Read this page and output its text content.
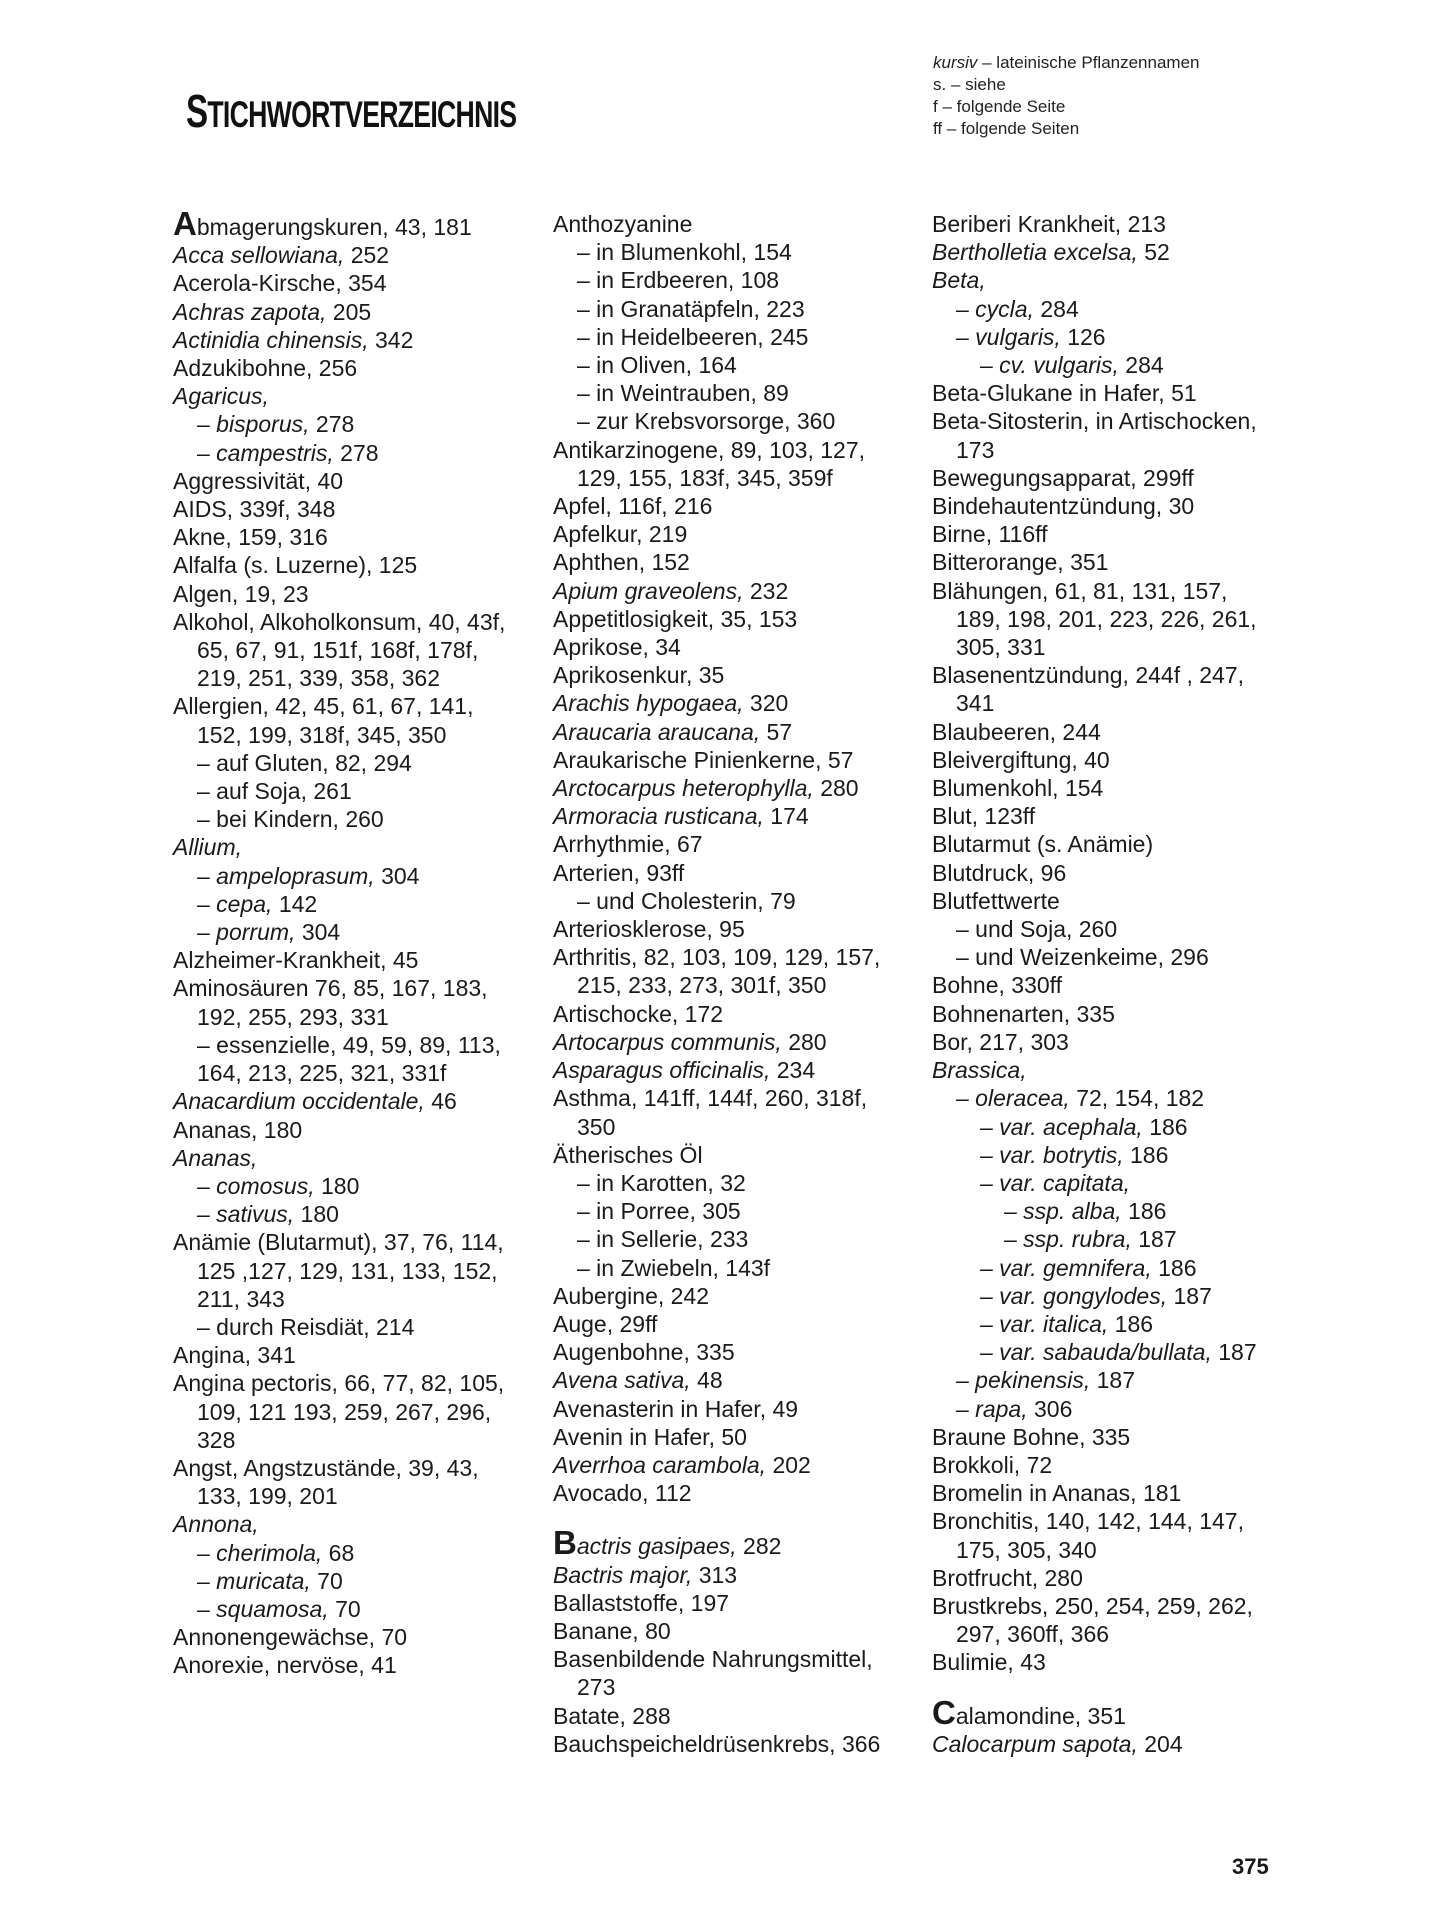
STICHWORTVERZEICHNIS
kursiv – lateinische Pflanzennamen
s. – siehe
f – folgende Seite
ff – folgende Seiten
Abmagerungskuren, 43, 181
Acca sellowiana, 252
Acerola-Kirsche, 354
Achras zapota, 205
Actinidia chinensis, 342
Adzukibohne, 256
Agaricus,
– bisporus, 278
– campestris, 278
Aggressivität, 40
AIDS, 339f, 348
Akne, 159, 316
Alfalfa (s. Luzerne), 125
Algen, 19, 23
Alkohol, Alkoholkonsum, 40, 43f,
65, 67, 91, 151f, 168f, 178f,
219, 251, 339, 358, 362
Allergien, 42, 45, 61, 67, 141,
152, 199, 318f, 345, 350
– auf Gluten, 82, 294
– auf Soja, 261
– bei Kindern, 260
Allium,
– ampeloprasum, 304
– cepa, 142
– porrum, 304
Alzheimer-Krankheit, 45
Aminosäuren 76, 85, 167, 183,
192, 255, 293, 331
– essenzielle, 49, 59, 89, 113,
164, 213, 225, 321, 331f
Anacardium occidentale, 46
Ananas, 180
Ananas,
– comosus, 180
– sativus, 180
Anämie (Blutarmut), 37, 76, 114,
125 ,127, 129, 131, 133, 152,
211, 343
– durch Reisdiät, 214
Angina, 341
Angina pectoris, 66, 77, 82, 105,
109, 121 193, 259, 267, 296,
328
Angst, Angstzustände, 39, 43,
133, 199, 201
Annona,
– cherimola, 68
– muricata, 70
– squamosa, 70
Annonengewächse, 70
Anorexie, nervöse, 41
Anthozyanine
– in Blumenkohl, 154
– in Erdbeeren, 108
– in Granatäpfeln, 223
– in Heidelbeeren, 245
– in Oliven, 164
– in Weintrauben, 89
– zur Krebsvorsorge, 360
Antikarzinogene, 89, 103, 127,
129, 155, 183f, 345, 359f
Apfel, 116f, 216
Apfelkur, 219
Aphthen, 152
Apium graveolens, 232
Appetitlosigkeit, 35, 153
Aprikose, 34
Aprikosenkur, 35
Arachis hypogaea, 320
Araucaria araucana, 57
Araukarische Pinienkerne, 57
Arctocarpus heterophylla, 280
Armoracia rusticana, 174
Arrhythmie, 67
Arterien, 93ff
– und Cholesterin, 79
Arteriosklerose, 95
Arthritis, 82, 103, 109, 129, 157,
215, 233, 273, 301f, 350
Artischocke, 172
Artocarpus communis, 280
Asparagus officinalis, 234
Asthma, 141ff, 144f, 260, 318f,
350
Ätherisches Öl
– in Karotten, 32
– in Porree, 305
– in Sellerie, 233
– in Zwiebeln, 143f
Aubergine, 242
Auge, 29ff
Augenbohne, 335
Avena sativa, 48
Avenasterin in Hafer, 49
Avenin in Hafer, 50
Averrhoa carambola, 202
Avocado, 112
Bactris gasipaes, 282
Bactris major, 313
Ballaststoffe, 197
Banane, 80
Basenbildende Nahrungsmittel,
273
Batate, 288
Bauchspeicheldrüsenkrebs, 366
Beriberi Krankheit, 213
Bertholletia excelsa, 52
Beta,
– cycla, 284
– vulgaris, 126
– cv. vulgaris, 284
Beta-Glukane in Hafer, 51
Beta-Sitosterin, in Artischocken,
173
Bewegungsapparat, 299ff
Bindehautentzündung, 30
Birne, 116ff
Bitterorange, 351
Blähungen, 61, 81, 131, 157,
189, 198, 201, 223, 226, 261,
305, 331
Blasenentzündung, 244f , 247,
341
Blaubeeren, 244
Bleivergiftung, 40
Blumenkohl, 154
Blut, 123ff
Blutarmut (s. Anämie)
Blutdruck, 96
Blutfettwerte
– und Soja, 260
– und Weizenkeime, 296
Bohne, 330ff
Bohnenarten, 335
Bor, 217, 303
Brassica,
– oleracea, 72, 154, 182
– var. acephala, 186
– var. botrytis, 186
– var. capitata,
– ssp. alba, 186
– ssp. rubra, 187
– var. gemnifera, 186
– var. gongylodes, 187
– var. italica, 186
– var. sabauda/bullata, 187
– pekinensis, 187
– rapa, 306
Braune Bohne, 335
Brokkoli, 72
Bromelin in Ananas, 181
Bronchitis, 140, 142, 144, 147,
175, 305, 340
Brotfrucht, 280
Brustkrebs, 250, 254, 259, 262,
297, 360ff, 366
Bulimie, 43
Calamondine, 351
Calocarpum sapota, 204
375
